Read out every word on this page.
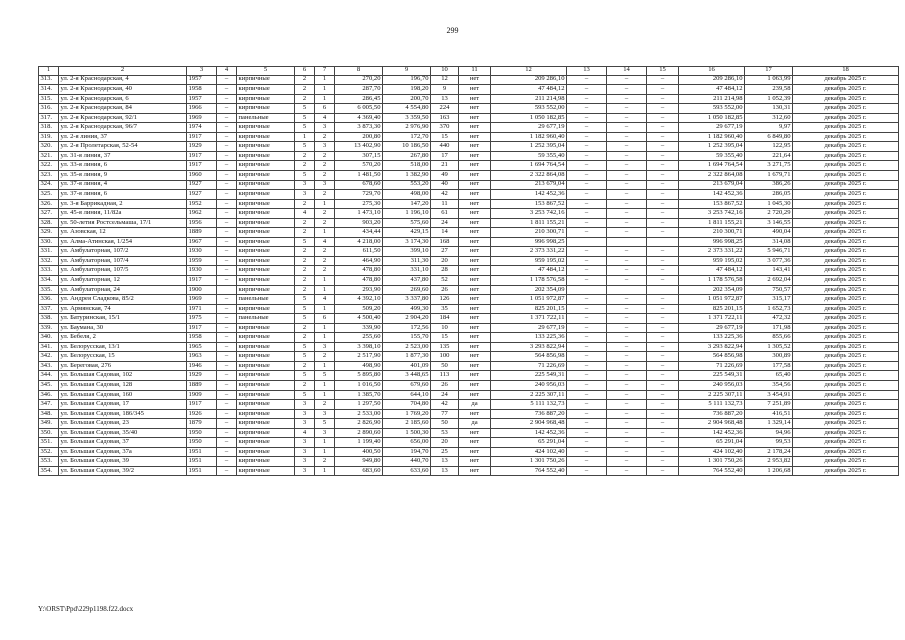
299
1	2	3	4	5	6	7	8	9	10	11	12	13	14	15	16	17	18
313.	ул. 2-я Краснодарская, 4	1957	–	кирпичные	2	1	270,20	196,70	12	нет	209 286,10	–	–	–	209 286,10	1 063,99	декабрь 2025 г.
314.	ул. 2-я Краснодарская, 40	1958	–	кирпичные	2	1	287,70	198,20	9	нет	47 484,12	–	–	–	47 484,12	239,58	декабрь 2025 г.
315.	ул. 2-я Краснодарская, 6	1957	–	кирпичные	2	1	286,45	200,70	13	нет	211 214,98	–	–	–	211 214,98	1 052,39	декабрь 2025 г.
316.	ул. 2-я Краснодарская, 84	1966	–	кирпичные	5	6	6 005,50	4 554,80	224	нет	593 552,00	–	–	–	593 552,00	130,31	декабрь 2025 г.
317.	ул. 2-я Краснодарская, 92/1	1969	–	панельные	5	4	4 369,40	3 359,50	163	нет	1 050 182,85	–	–	–	1 050 182,85	312,60	декабрь 2025 г.
318.	ул. 2-я Краснодарская, 96/7	1974	–	кирпичные	5	3	3 873,30	2 976,90	370	нет	29 677,19	–	–	–	29 677,19	9,97	декабрь 2025 г.
319.	ул. 2-я линия, 37	1917	–	кирпичные	1	2	200,80	172,70	15	нет	1 182 960,40	–	–	–	1 182 960,40	6 849,80	декабрь 2025 г.
320.	ул. 2-я Пролетарская, 52-54	1929	–	кирпичные	5	3	13 402,90	10 186,50	440	нет	1 252 395,04	–	–	–	1 252 395,04	122,95	декабрь 2025 г.
321.	ул. 31-я линия, 37	1917	–	кирпичные	2	2	307,15	267,80	17	нет	59 355,40	–	–	–	59 355,40	221,64	декабрь 2025 г.
322.	ул. 33-я линия, 6	1917	–	кирпичные	2	2	570,20	518,00	21	нет	1 694 764,54	–	–	–	1 694 764,54	3 271,75	декабрь 2025 г.
323.	ул. 35-я линия, 9	1960	–	кирпичные	5	2	1 481,50	1 382,90	49	нет	2 322 864,08	–	–	–	2 322 864,08	1 679,71	декабрь 2025 г.
324.	ул. 37-я линия, 4	1927	–	кирпичные	3	3	678,60	553,20	40	нет	213 679,04	–	–	–	213 679,04	386,26	декабрь 2025 г.
325.	ул. 37-я линия, 6	1927	–	кирпичные	3	2	729,70	498,00	42	нет	142 452,36	–	–	–	142 452,36	286,05	декабрь 2025 г.
326.	ул. 3-я Баррикадная, 2	1952	–	кирпичные	2	1	275,30	147,20	11	нет	153 867,52	–	–	–	153 867,52	1 045,30	декабрь 2025 г.
327.	ул. 45-я линия, 11/82а	1962	–	кирпичные	4	2	1 473,10	1 196,10	61	нет	3 253 742,16	–	–	–	3 253 742,16	2 720,29	декабрь 2025 г.
328.	ул. 50-летия Ростсельмаша, 17/1	1956	–	кирпичные	2	2	903,20	575,60	24	нет	1 811 155,21	–	–	–	1 811 155,21	3 146,55	декабрь 2025 г.
329.	ул. Азовская, 12	1889	–	кирпичные	2	1	434,44	429,15	14	нет	210 300,71	–	–	–	210 300,71	490,04	декабрь 2025 г.
330.	ул. Алма-Атинская, 1/254	1967	–	кирпичные	5	4	4 218,00	3 174,30	168	нет	996 998,25				996 998,25	314,08	декабрь 2025 г.
331.	ул. Амбулаторная, 107/2	1930	–	кирпичные	2	2	611,50	399,10	27	нет	2 373 331,22	–	–	–	2 373 331,22	5 946,71	декабрь 2025 г.
332.	ул. Амбулаторная, 107/4	1959	–	кирпичные	2	2	464,90	311,30	20	нет	959 195,02	–	–	–	959 195,02	3 077,36	декабрь 2025 г.
333.	ул. Амбулаторная, 107/5	1930	–	кирпичные	2	2	478,80	331,10	28	нет	47 484,12	–	–	–	47 484,12	143,41	декабрь 2025 г.
334.	ул. Амбулаторная, 12	1917	–	кирпичные	2	1	478,80	437,80	52	нет	1 178 576,58	–	–	–	1 178 576,58	2 692,04	декабрь 2025 г.
335.	ул. Амбулаторная, 24	1900		кирпичные	2	1	293,90	269,60	26	нет	202 354,09				202 354,09	750,57	декабрь 2025 г.
336.	ул. Андрея Сладкова, 85/2	1969	–	панельные	5	4	4 392,10	3 337,80	126	нет	1 051 972,87	–	–	–	1 051 972,87	315,17	декабрь 2025 г.
337.	ул. Армянская, 74	1971	–	кирпичные	5	1	509,20	499,30	35	нет	825 201,15	–	–	–	825 201,15	1 652,73	декабрь 2025 г.
338.	ул. Батуринская, 15/1	1975	–	панельные	5	6	4 500,40	2 904,20	184	нет	1 371 722,11	–	–	–	1 371 722,11	472,32	декабрь 2025 г.
339.	ул. Баумана, 30	1917	–	кирпичные	2	1	339,90	172,56	10	нет	29 677,19	–	–	–	29 677,19	171,98	декабрь 2025 г.
340.	ул. Бебеля, 2	1958	–	кирпичные	2	1	255,60	155,70	15	нет	133 225,36	–	–	–	133 225,36	855,66	декабрь 2025 г.
341.	ул. Белорусская, 13/1	1965	–	кирпичные	5	3	3 398,10	2 523,00	135	нет	3 293 822,94	–	–	–	3 293 822,94	1 305,52	декабрь 2025 г.
342.	ул. Белорусская, 15	1963	–	кирпичные	5	2	2 517,90	1 877,30	100	нет	564 856,98	–	–	–	564 856,98	300,89	декабрь 2025 г.
343.	ул. Береговая, 276	1946	–	кирпичные	2	1	498,90	401,09	50	нет	71 226,69	–	–	–	71 226,69	177,58	декабрь 2025 г.
344.	ул. Большая Садовая, 102	1929	–	кирпичные	5	5	5 895,80	3 448,65	113	нет	225 549,31	–	–	–	225 549,31	65,40	декабрь 2025 г.
345.	ул. Большая Садовая, 128	1889	–	кирпичные	2	1	1 016,50	679,60	26	нет	240 956,03	–	–	–	240 956,03	354,56	декабрь 2025 г.
346.	ул. Большая Садовая, 160	1909	–	кирпичные	5	1	1 385,70	644,10	24	нет	2 225 307,11	–	–	–	2 225 307,11	3 454,91	декабрь 2025 г.
347.	ул. Большая Садовая, 17	1917	–	кирпичные	3	2	1 297,50	704,80	42	да	5 111 132,73	–	–	–	5 111 132,73	7 251,89	декабрь 2025 г.
348.	ул. Большая Садовая, 186/345	1926	–	кирпичные	3	3	2 533,00	1 769,20	77	нет	736 887,20	–	–	–	736 887,20	416,51	декабрь 2025 г.
349.	ул. Большая Садовая, 23	1879	–	кирпичные	3	5	2 826,90	2 185,60	50	да	2 904 968,48	–	–	–	2 904 968,48	1 329,14	декабрь 2025 г.
350.	ул. Большая Садовая, 35/40	1950	–	кирпичные	4	3	2 890,60	1 500,30	53	нет	142 452,36	–	–	–	142 452,36	94,96	декабрь 2025 г.
351.	ул. Большая Садовая, 37	1950	–	кирпичные	3	1	1 199,40	656,00	20	нет	65 291,04	–	–	–	65 291,04	99,53	декабрь 2025 г.
352.	ул. Большая Садовая, 37а	1951	–	кирпичные	3	1	400,50	194,70	25	нет	424 102,40	–	–	–	424 102,40	2 178,24	декабрь 2025 г.
353.	ул. Большая Садовая, 39	1951	–	кирпичные	3	2	949,80	440,70	13	нет	1 301 750,26	–	–	–	1 301 750,26	2 953,82	декабрь 2025 г.
354.	ул. Большая Садовая, 39/2	1951	–	кирпичные	3	1	683,60	633,60	13	нет	764 552,40	–	–	–	764 552,40	1 206,68	декабрь 2025 г.
Y:\ORST\Ppd\229p1198.f22.docx
